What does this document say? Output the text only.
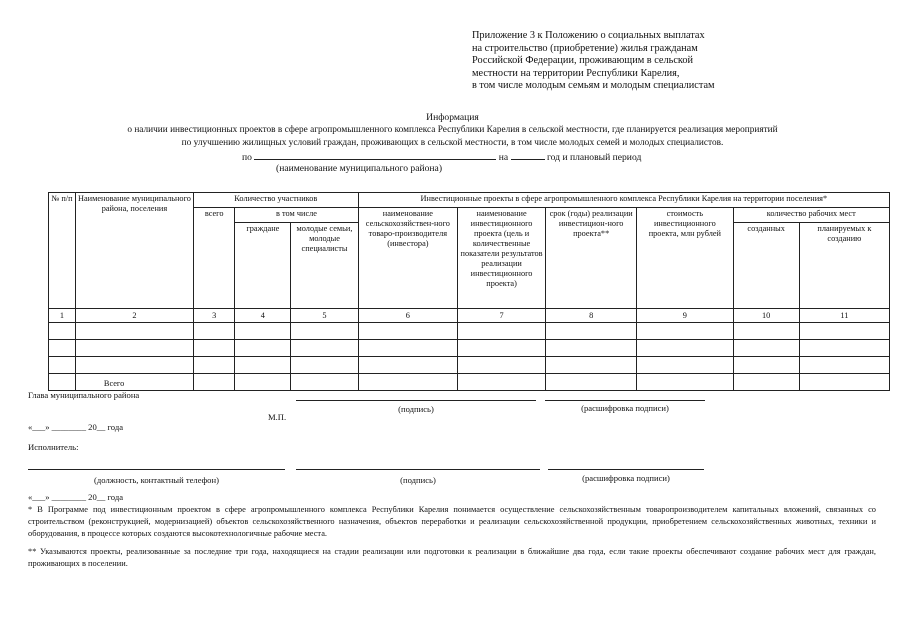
Приложение 3 к Положению о социальных выплатах
на строительство (приобретение) жилья гражданам
Российской Федерации, проживающим в сельской
местности на территории Республики Карелия,
в том числе молодым семьям и молодым специалистам
Информация
о наличии инвестиционных проектов в сфере агропромышленного комплекса Республики Карелия в сельской местности, где планируется реализация мероприятий
по улучшению жилищных условий граждан, проживающих в сельской местности, в том числе молодых семей и молодых специалистов.
по	на	год и плановый период
(наименование муниципального района)
№ п/п	Наименование муниципального района, поселения	Количество участников			Инвестиционные проекты в сфере агропромышленного комплекса Республики Карелия на территории поселения*					
		всего	в том числе		наименование сельскохозяйствен-ного товаро-производителя (инвестора)	наименование инвестиционного проекта (цель и количественные показатели результатов реализации инвестиционного проекта)	срок (годы) реализации инвестицион-ного проекта**	стоимость инвестиционного проекта, млн рублей	количество рабочих мест	
			граждане	молодые семьи, молодые специалисты					созданных	планируемых к созданию
1	2	3	4	5	6	7	8	9	10	11

	Всего									
Глава муниципального района
(подпись)	(расшифровка подписи)
М.П.
«___» ________ 20__ года
Исполнитель:
(должность, контактный телефон)	(подпись)	(расшифровка подписи)
«___» ________ 20__ года
* В Программе под инвестиционным проектом в сфере агропромышленного комплекса Республики Карелия понимается осуществление сельскохозяйственным товаропроизводителем капитальных вложений, связанных со строительством (реконструкцией, модернизацией) объектов сельскохозяйственного назначения, объектов переработки и реализации сельскохозяйственной продукции, приобретением сельскохозяйственных животных, техники и оборудования, в процессе которых создаются высокотехнологичные рабочие места.
** Указываются проекты, реализованные за последние три года, находящиеся на стадии реализации или подготовки к реализации в ближайшие два года, если такие проекты обеспечивают создание рабочих мест для граждан, проживающих в поселении.
